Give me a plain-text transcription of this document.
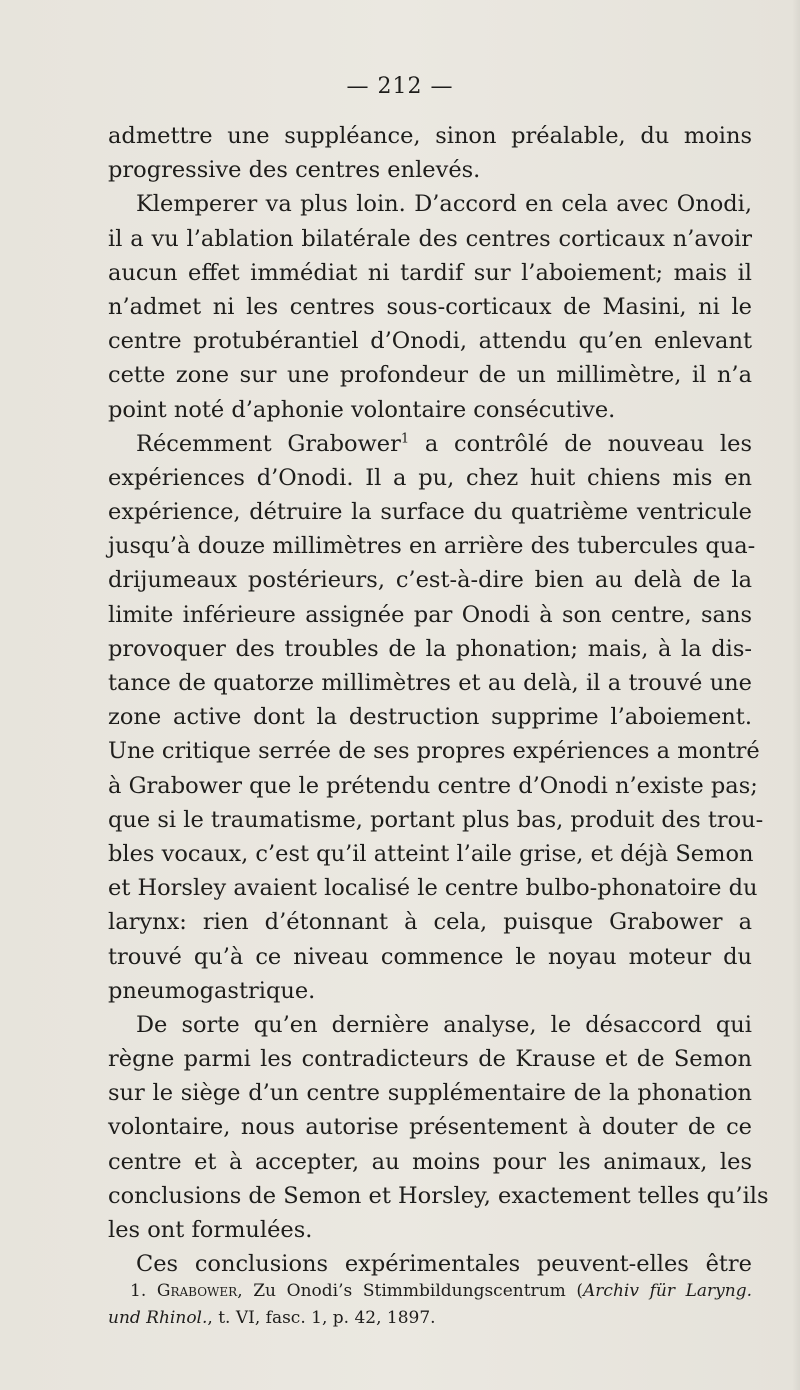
— 212 —
admettre une suppléance, sinon préalable, du moins
progressive des centres enlevés.
Klemperer va plus loin. D’accord en cela avec Onodi,
il a vu l’ablation bilatérale des centres corticaux n’avoir
aucun effet immédiat ni tardif sur l’aboiement; mais il
n’admet ni les centres sous-corticaux de Masini, ni le
centre protubérantiel d’Onodi, attendu qu’en enlevant
cette zone sur une profondeur de un millimètre, il n’a
point noté d’aphonie volontaire consécutive.
Récemment Grabower$^1$ a contrôlé de nouveau les
expériences d’Onodi. Il a pu, chez huit chiens mis en
expérience, détruire la surface du quatrième ventricule
jusqu’à douze millimètres en arrière des tubercules qua-
drijumeaux postérieurs, c’est-à-dire bien au delà de la
limite inférieure assignée par Onodi à son centre, sans
provoquer des troubles de la phonation; mais, à la dis-
tance de quatorze millimètres et au delà, il a trouvé une
zone active dont la destruction supprime l’aboiement.
Une critique serrée de ses propres expériences a montré
à Grabower que le prétendu centre d’Onodi n’existe pas;
que si le traumatisme, portant plus bas, produit des trou-
bles vocaux, c’est qu’il atteint l’aile grise, et déjà Semon
et Horsley avaient localisé le centre bulbo-phonatoire du
larynx: rien d’étonnant à cela, puisque Grabower a
trouvé qu’à ce niveau commence le noyau moteur du
pneumogastrique.
De sorte qu’en dernière analyse, le désaccord qui
règne parmi les contradicteurs de Krause et de Semon
sur le siège d’un centre supplémentaire de la phonation
volontaire, nous autorise présentement à douter de ce
centre et à accepter, au moins pour les animaux, les
conclusions de Semon et Horsley, exactement telles qu’ils
les ont formulées.
Ces conclusions expérimentales peuvent-elles être
1. Grabower, Zu Onodi’s Stimmbildungscentrum (Archiv für Laryng.
und Rhinol., t. VI, fasc. 1, p. 42, 1897.
